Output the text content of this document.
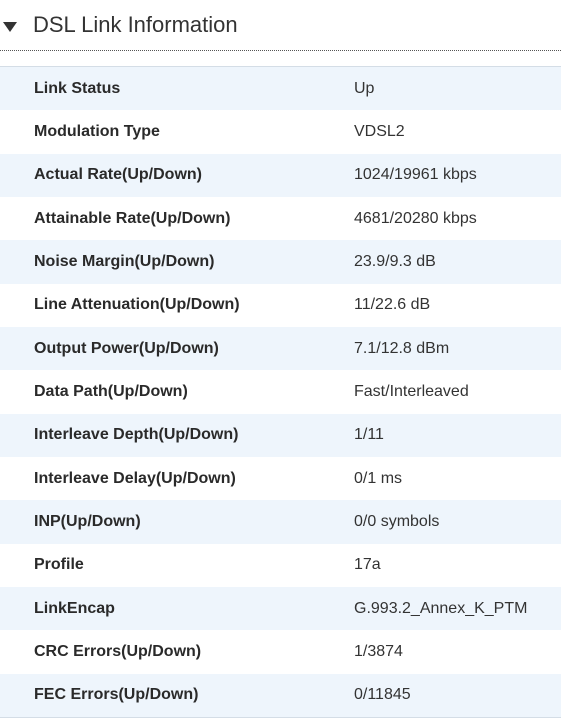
DSL Link Information
Link Status	Up
Modulation Type	VDSL2
Actual Rate(Up/Down)	1024/19961 kbps
Attainable Rate(Up/Down)	4681/20280 kbps
Noise Margin(Up/Down)	23.9/9.3 dB
Line Attenuation(Up/Down)	11/22.6 dB
Output Power(Up/Down)	7.1/12.8 dBm
Data Path(Up/Down)	Fast/Interleaved
Interleave Depth(Up/Down)	1/11
Interleave Delay(Up/Down)	0/1 ms
INP(Up/Down)	0/0 symbols
Profile	17a
LinkEncap	G.993.2_Annex_K_PTM
CRC Errors(Up/Down)	1/3874
FEC Errors(Up/Down)	0/11845
